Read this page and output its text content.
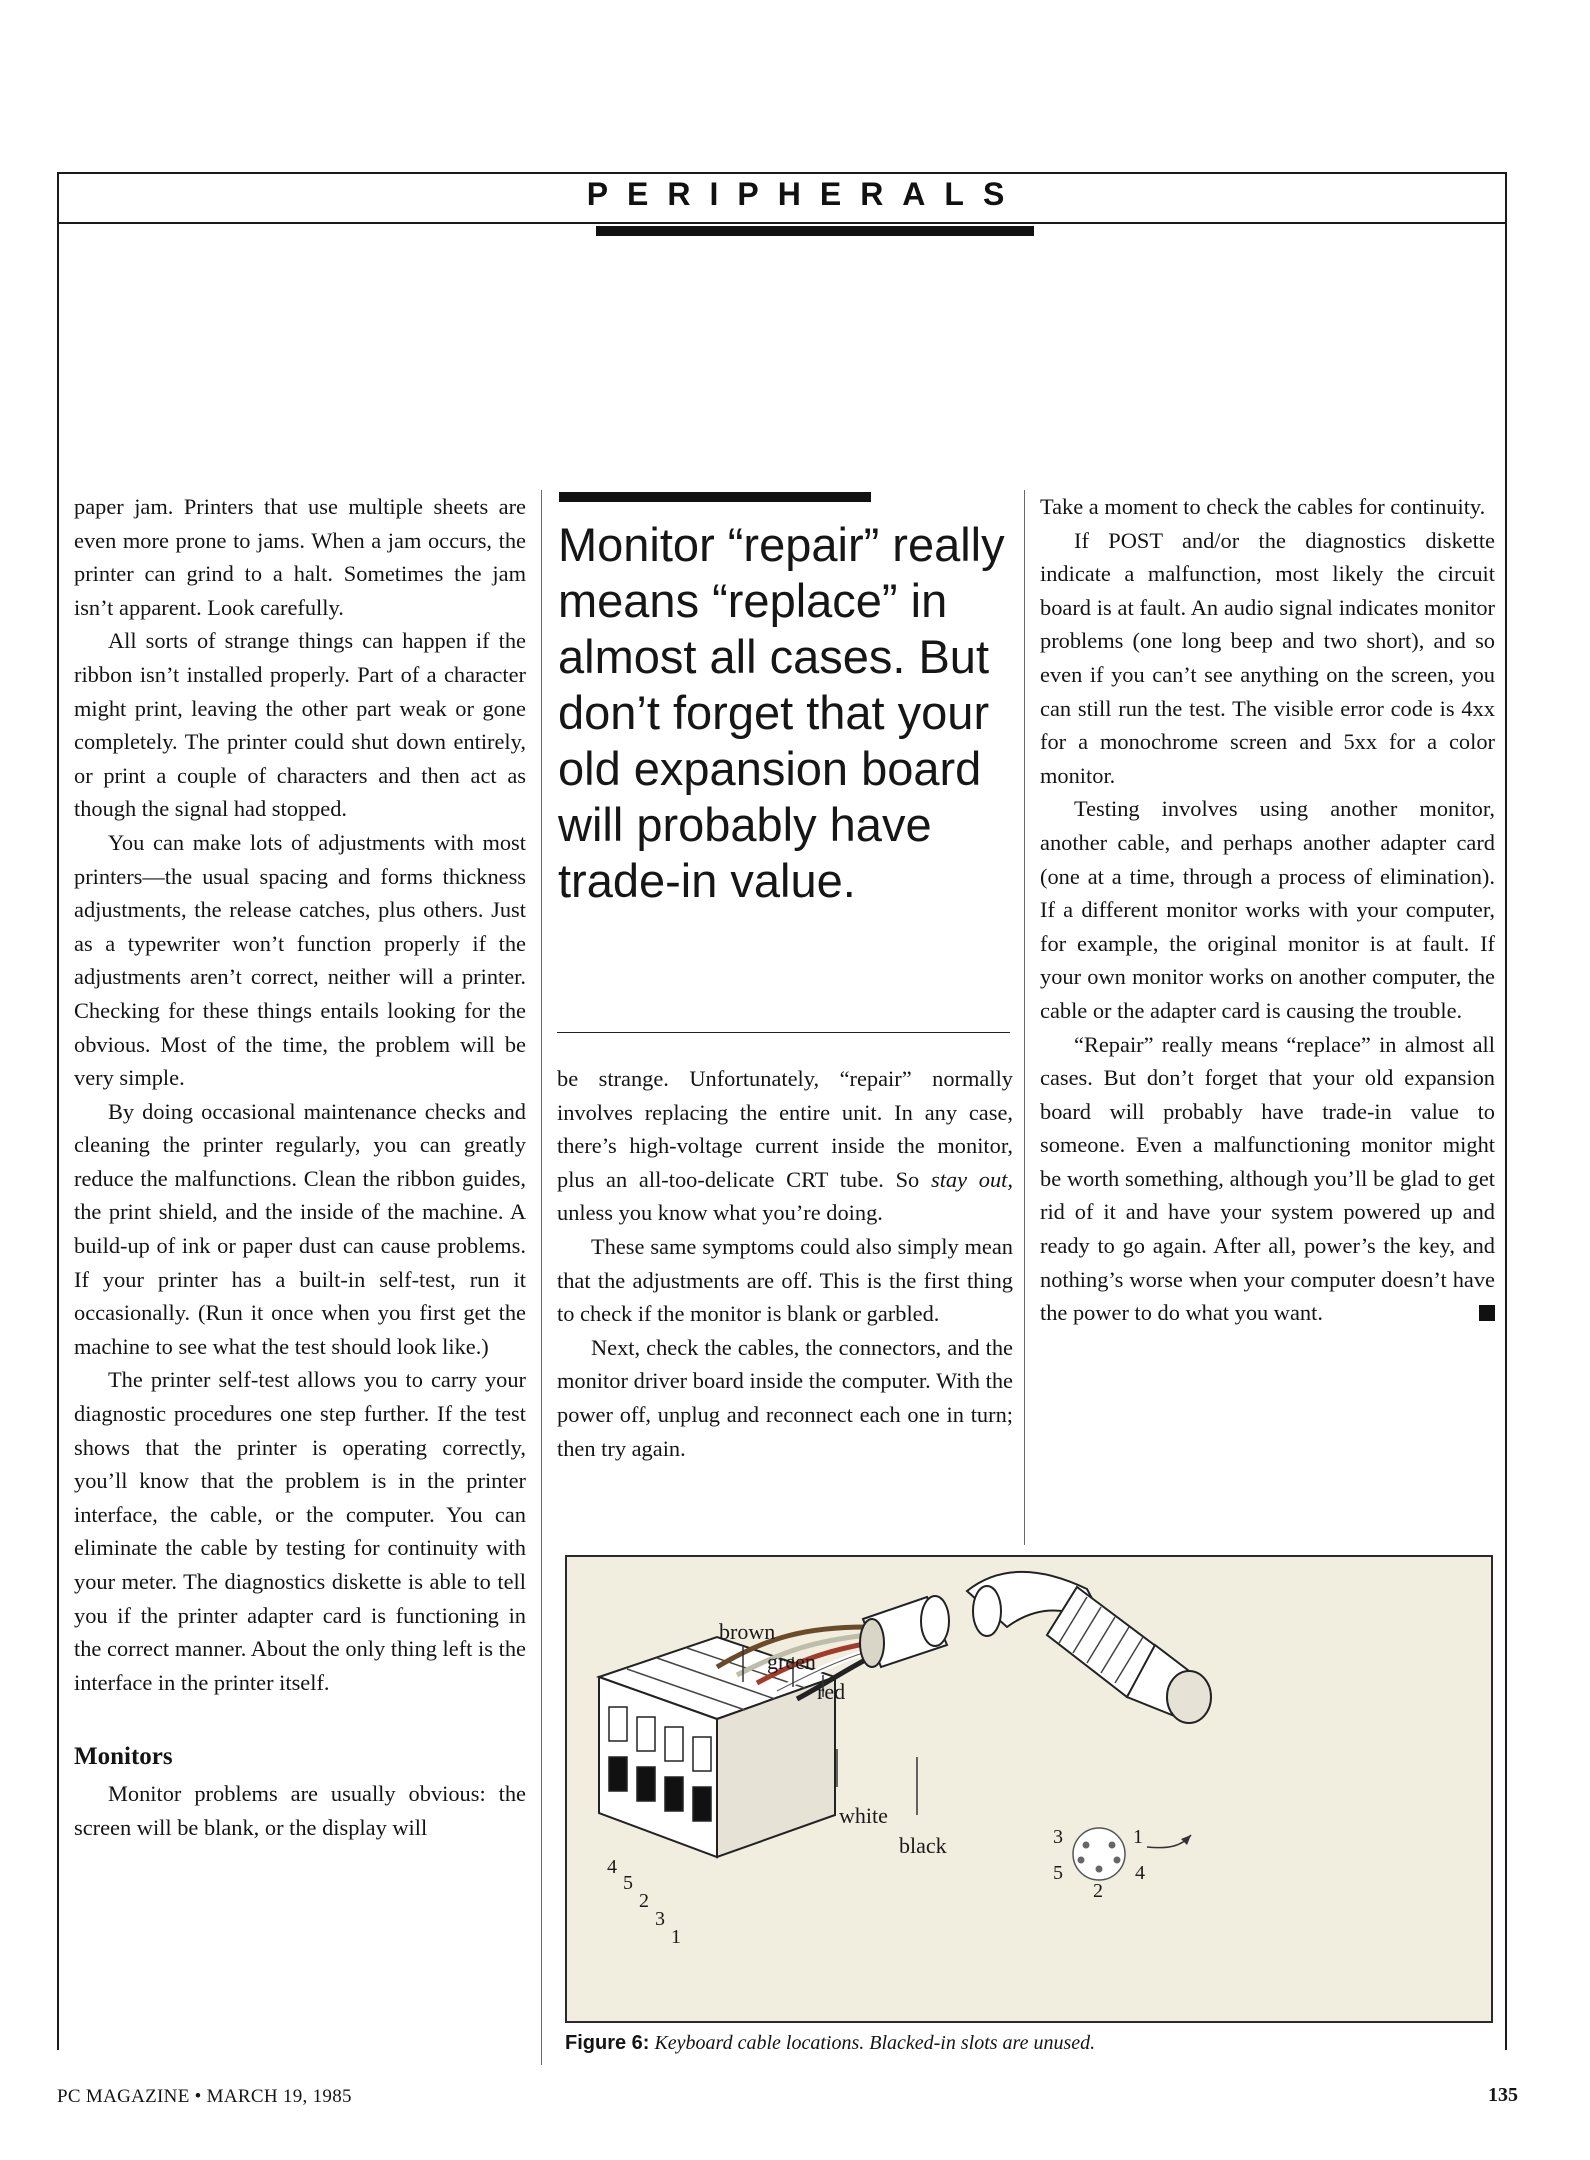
PERIPHERALS

paper jam. Printers that use multiple sheets are even more prone to jams. When a jam occurs, the printer can grind to a halt. Sometimes the jam isn’t apparent. Look carefully.

All sorts of strange things can happen if the ribbon isn’t installed properly. Part of a character might print, leaving the other part weak or gone completely. The printer could shut down entirely, or print a couple of characters and then act as though the signal had stopped.

You can make lots of adjustments with most printers—the usual spacing and forms thickness adjustments, the release catches, plus others. Just as a typewriter won’t function properly if the adjustments aren’t correct, neither will a printer. Checking for these things entails looking for the obvious. Most of the time, the problem will be very simple.

By doing occasional maintenance checks and cleaning the printer regularly, you can greatly reduce the malfunctions. Clean the ribbon guides, the print shield, and the inside of the machine. A build-up of ink or paper dust can cause problems. If your printer has a built-in self-test, run it occasionally. (Run it once when you first get the machine to see what the test should look like.)

The printer self-test allows you to carry your diagnostic procedures one step further. If the test shows that the printer is operating correctly, you’ll know that the problem is in the printer interface, the cable, or the computer. You can eliminate the cable by testing for continuity with your meter. The diagnostics diskette is able to tell you if the printer adapter card is functioning in the correct manner. About the only thing left is the interface in the printer itself.

Monitors

Monitor problems are usually obvious: the screen will be blank, or the display will

Monitor “repair” really means “replace” in almost all cases. But don’t forget that your old expansion board will probably have trade-in value.

be strange. Unfortunately, “repair” normally involves replacing the entire unit. In any case, there’s high-voltage current inside the monitor, plus an all-too-delicate CRT tube. So stay out, unless you know what you’re doing.

These same symptoms could also simply mean that the adjustments are off. This is the first thing to check if the monitor is blank or garbled.

Next, check the cables, the connectors, and the monitor driver board inside the computer. With the power off, unplug and reconnect each one in turn; then try again.

Take a moment to check the cables for continuity.

If POST and/or the diagnostics diskette indicate a malfunction, most likely the circuit board is at fault. An audio signal indicates monitor problems (one long beep and two short), and so even if you can’t see anything on the screen, you can still run the test. The visible error code is 4xx for a monochrome screen and 5xx for a color monitor.

Testing involves using another monitor, another cable, and perhaps another adapter card (one at a time, through a process of elimination). If a different monitor works with your computer, for example, the original monitor is at fault. If your own monitor works on another computer, the cable or the adapter card is causing the trouble.

“Repair” really means “replace” in almost all cases. But don’t forget that your old expansion board will probably have trade-in value to someone. Even a malfunctioning monitor might be worth something, although you’ll be glad to get rid of it and have your system powered up and ready to go again. After all, power’s the key, and nothing’s worse when your computer doesn’t have the power to do what you want.

brown
green
red
white
black
4
5
2
3
1
3	1
5	4
2
Figure 6: Keyboard cable locations. Blacked-in slots are unused.
PC MAGAZINE • MARCH 19, 1985	135
